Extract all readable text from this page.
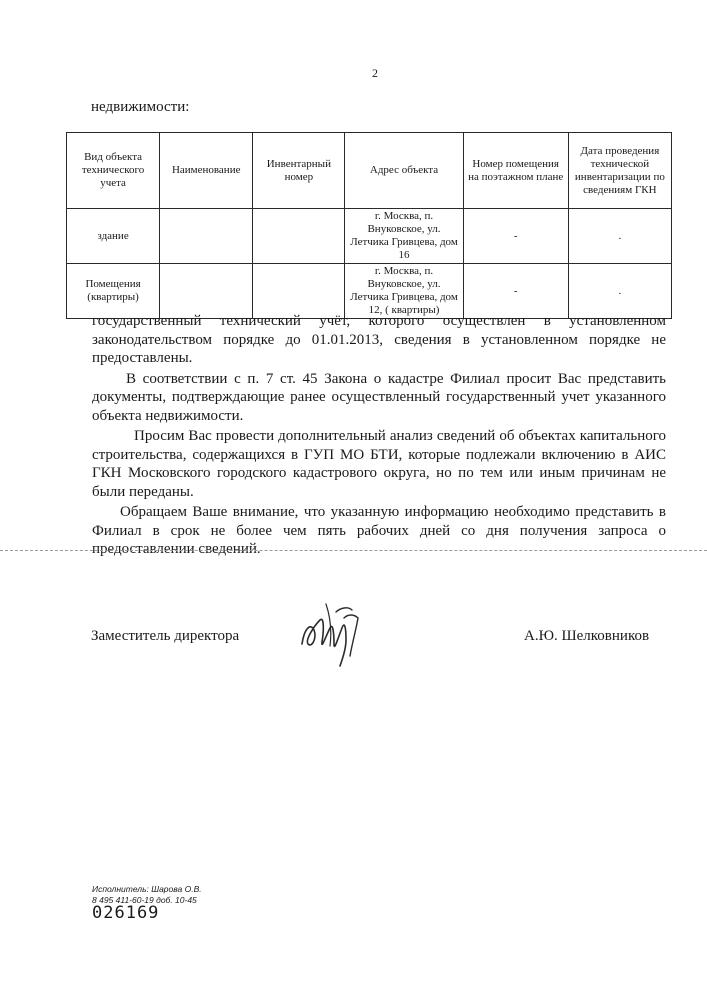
2
недвижимости:
Вид объекта технического учета	Наименование	Инвентарный номер	Адрес объекта	Номер помещения на поэтажном плане	Дата проведения технической инвентаризации по сведениям ГКН
здание			г. Москва, п. Внуковское, ул. Летчика Гривцева, дом 16	-	.
Помещения (квартиры)			г. Москва, п. Внуковское, ул. Летчика Гривцева, дом 12, ( квартиры)	-	.

государственный технический учёт, которого осуществлен в установленном законодательством порядке до 01.01.2013, сведения в установленном порядке не предоставлены.

В соответствии с п. 7 ст. 45 Закона о кадастре Филиал просит Вас представить документы, подтверждающие ранее осуществленный государственный учет указанного объекта недвижимости.

Просим Вас провести дополнительный анализ сведений об объектах капитального строительства, содержащихся в ГУП МО БТИ, которые подлежали включению в АИС ГКН Московского городского кадастрового округа, но по тем или иным причинам не были переданы.

Обращаем Ваше внимание, что указанную информацию необходимо представить в Филиал в срок не более чем пять рабочих дней со дня получения запроса о предоставлении сведений.

Заместитель директора	А.Ю. Шелковников
Исполнитель: Шарова О.В.
8 495 411-60-19 доб. 10-45
026169
